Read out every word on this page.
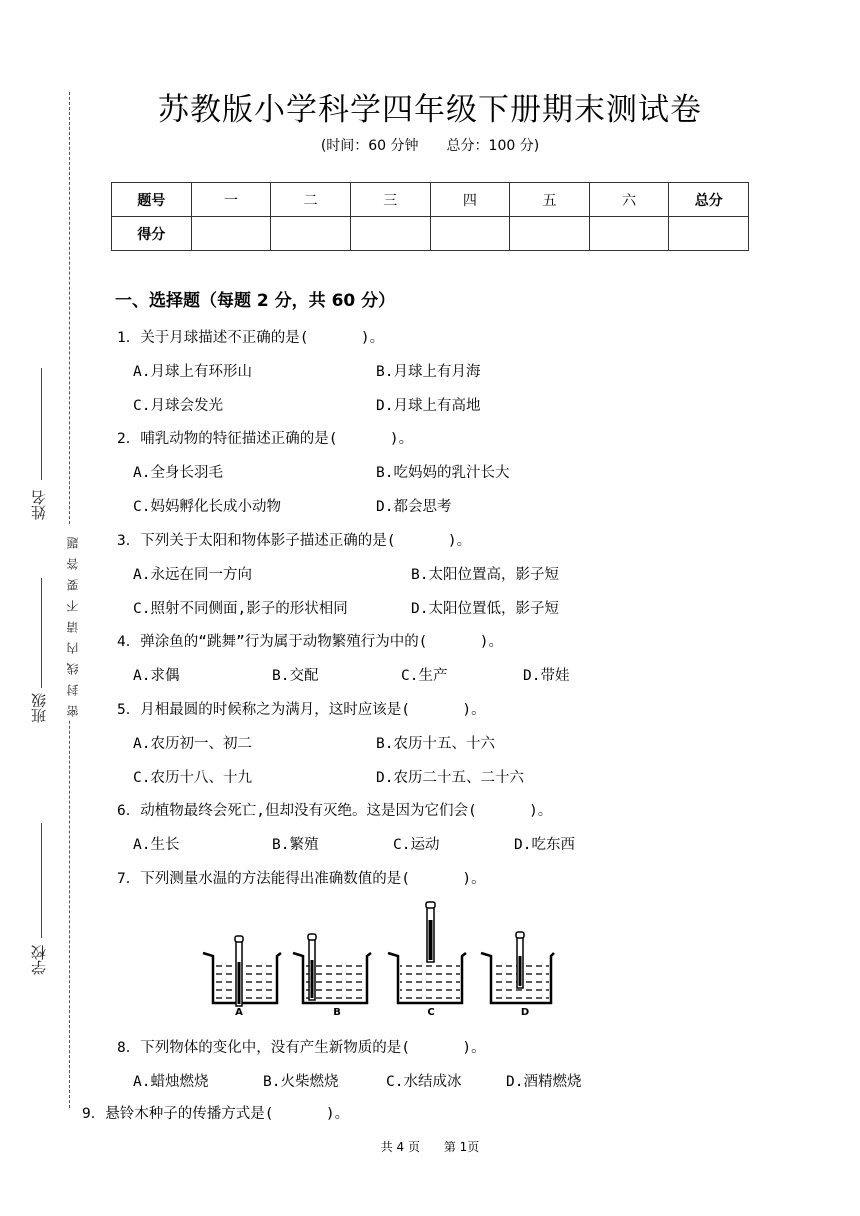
姓名
班级
学校
密封线内请不要答题
苏教版小学科学四年级下册期末测试卷
(时间：60 分钟 总分：100 分)
题号	一	二	三	四	五	六	总分
得分							
一、选择题（每题 2 分，共 60 分）
1．关于月球描述不正确的是(      )。
A.月球上有环形山	B.月球上有月海
C.月球会发光	D.月球上有高地
2．哺乳动物的特征描述正确的是(      )。
A.全身长羽毛	B.吃妈妈的乳汁长大
C.妈妈孵化长成小动物	D.都会思考
3．下列关于太阳和物体影子描述正确的是(      )。
A.永远在同一方向	B.太阳位置高，影子短
C.照射不同侧面,影子的形状相同	D.太阳位置低，影子短
4．弹涂鱼的“跳舞”行为属于动物繁殖行为中的(      )。
A.求偶	B.交配	C.生产	D.带娃
5．月相最圆的时候称之为满月，这时应该是(      )。
A.农历初一、初二	B.农历十五、十六
C.农历十八、十九	D.农历二十五、二十六
6．动植物最终会死亡,但却没有灭绝。这是因为它们会(      )。
A.生长	B.繁殖	C.运动	D.吃东西
7．下列测量水温的方法能得出准确数值的是(      )。
A	B	C	D
8．下列物体的变化中，没有产生新物质的是(      )。
A.蜡烛燃烧	B.火柴燃烧	C.水结成冰	D.酒精燃烧
9．悬铃木种子的传播方式是(      )。
共 4 页 第 1页
